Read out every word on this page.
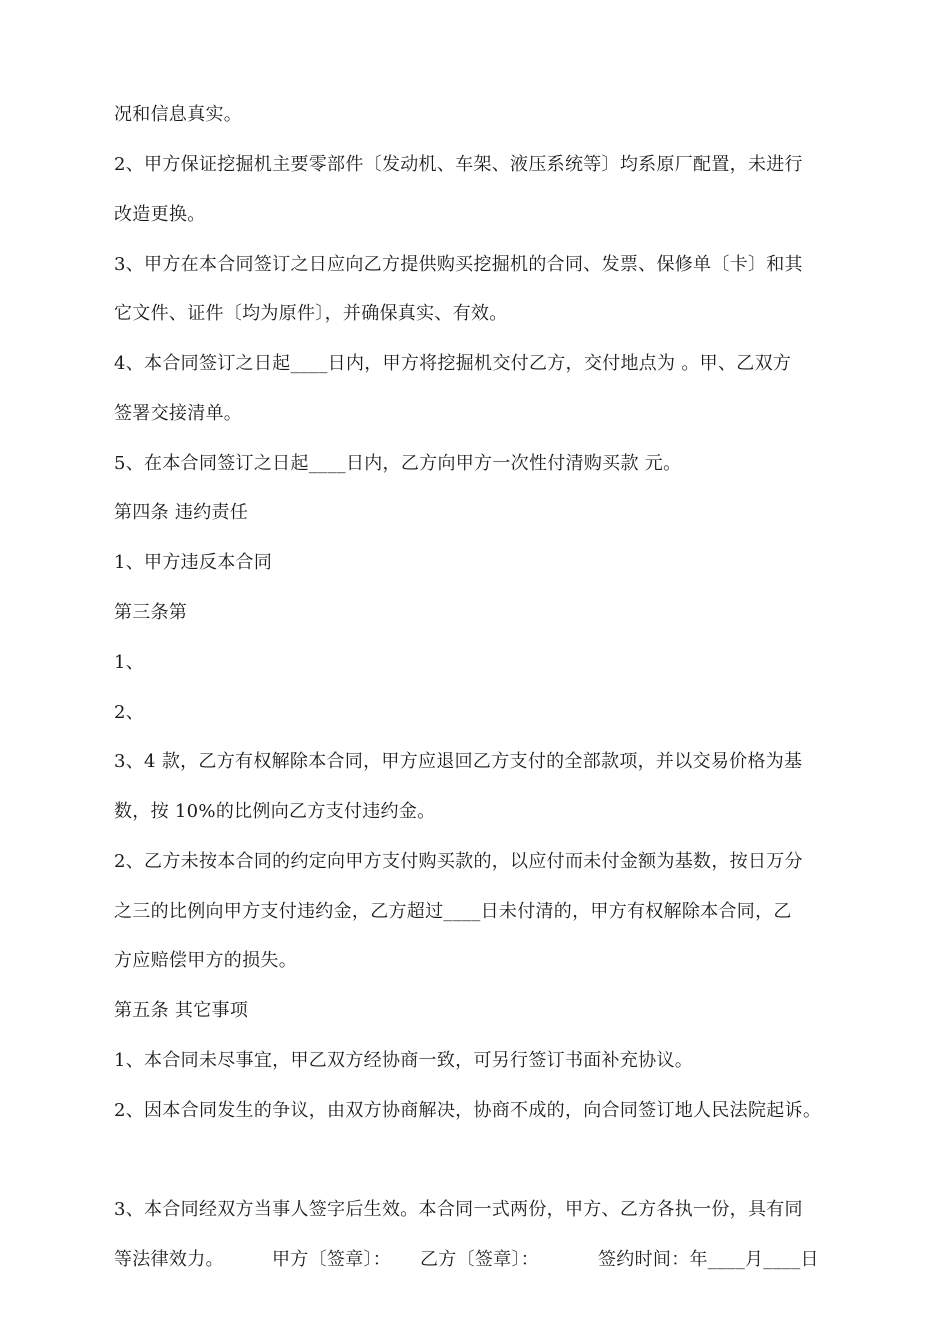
况和信息真实。
2、甲方保证挖掘机主要零部件〔发动机、车架、液压系统等〕均系原厂配置，未进行
改造更换。
3、甲方在本合同签订之日应向乙方提供购买挖掘机的合同、发票、保修单〔卡〕和其
它文件、证件〔均为原件〕，并确保真实、有效。
4、本合同签订之日起____日内，甲方将挖掘机交付乙方，交付地点为 。甲、乙双方
签署交接清单。
5、在本合同签订之日起____日内，乙方向甲方一次性付清购买款 元。
第四条 违约责任
1、甲方违反本合同
第三条第
1、
2、
3、4 款，乙方有权解除本合同，甲方应退回乙方支付的全部款项，并以交易价格为基
数，按 10%的比例向乙方支付违约金。
2、乙方未按本合同的约定向甲方支付购买款的，以应付而未付金额为基数，按日万分
之三的比例向甲方支付违约金，乙方超过____日未付清的，甲方有权解除本合同，乙
方应赔偿甲方的损失。
第五条 其它事项
1、本合同未尽事宜，甲乙双方经协商一致，可另行签订书面补充协议。
2、因本合同发生的争议，由双方协商解决，协商不成的，向合同签订地人民法院起诉。
3、本合同经双方当事人签字后生效。本合同一式两份，甲方、乙方各执一份，具有同
等法律效力。	甲方〔签章〕： 乙方〔签章〕：	签约时间：年____月____日
